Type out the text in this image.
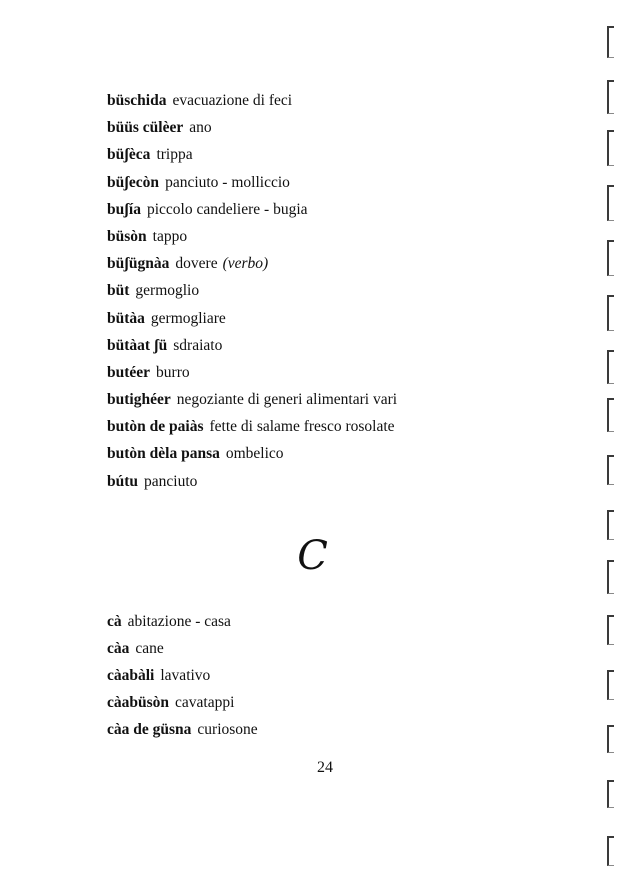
büschida evacuazione di feci
büüs cülèer ano
büʃèca trippa
büʃecòn panciuto - molliccio
buʃía piccolo candeliere - bugia
büsòn tappo
büʃügnàa dovere (verbo)
büt germoglio
bütàa germogliare
bütàat ʃü sdraiato
butéer burro
butighéer negoziante di generi alimentari vari
butòn de paiàs fette di salame fresco rosolate
butòn dèla pansa ombelico
bútu panciuto
C
cà abitazione - casa
càa cane
càabàli lavativo
càabüsòn cavatappi
càa de güsna curiosone
24
